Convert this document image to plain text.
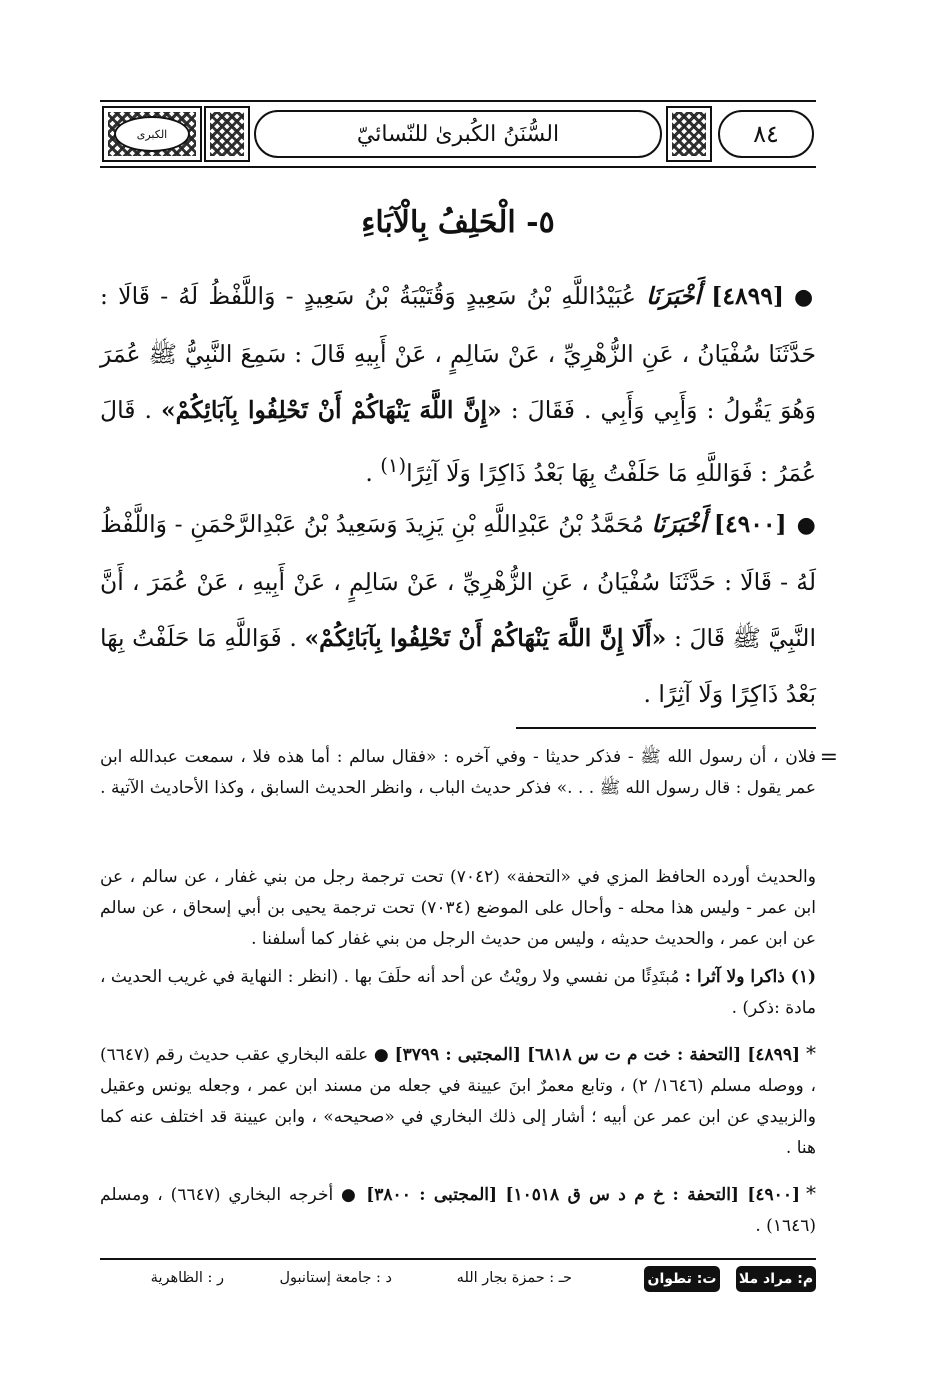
الكبرى	السُّنَنُ الكُبرىٰ للنّسائيّ	٨٤
٥- الْحَلِفُ بِالْآبَاءِ
●[٤٨٩٩] أَخْبَرَنَا عُبَيْدُاللَّهِ بْنُ سَعِيدٍ وَقُتَيْبَةُ بْنُ سَعِيدٍ - وَاللَّفْظُ لَهُ - قَالَا : حَدَّثَنَا سُفْيَانُ ، عَنِ الزُّهْرِيِّ ، عَنْ سَالِمٍ ، عَنْ أَبِيهِ قَالَ : سَمِعَ النَّبِيُّ ﷺ عُمَرَ وَهُوَ يَقُولُ : وَأَبِي وَأَبِي . فَقَالَ : «إِنَّ اللَّهَ يَنْهَاكُمْ أَنْ تَحْلِفُوا بِآبَائِكُمْ» . قَالَ عُمَرُ : فَوَاللَّهِ مَا حَلَفْتُ بِهَا بَعْدُ ذَاكِرًا وَلَا آثِرًا$^{(١)}$ .
●[٤٩٠٠] أَخْبَرَنَا مُحَمَّدُ بْنُ عَبْدِاللَّهِ بْنِ يَزِيدَ وَسَعِيدُ بْنُ عَبْدِالرَّحْمَنِ - وَاللَّفْظُ لَهُ - قَالَا : حَدَّثَنَا سُفْيَانُ ، عَنِ الزُّهْرِيِّ ، عَنْ سَالِمٍ ، عَنْ أَبِيهِ ، عَنْ عُمَرَ ، أَنَّ النَّبِيَّ ﷺ قَالَ : «أَلَا إِنَّ اللَّهَ يَنْهَاكُمْ أَنْ تَحْلِفُوا بِآبَائِكُمْ» . فَوَاللَّهِ مَا حَلَفْتُ بِهَا بَعْدُ ذَاكِرًا وَلَا آثِرًا .
=
فلان ، أن رسول الله ﷺ - فذكر حديثا - وفي آخره : «فقال سالم : أما هذه فلا ، سمعت عبدالله ابن عمر يقول : قال رسول الله ﷺ . . .» فذكر حديث الباب ، وانظر الحديث السابق ، وكذا الأحاديث الآتية .
والحديث أورده الحافظ المزي في «التحفة» (٧٠٤٢) تحت ترجمة رجل من بني غفار ، عن سالم ، عن ابن عمر - وليس هذا محله - وأحال على الموضع (٧٠٣٤) تحت ترجمة يحيى بن أبي إسحاق ، عن سالم عن ابن عمر ، والحديث حديثه ، وليس من حديث الرجل من بني غفار كما أسلفنا .
(١) ذاكرا ولا آثرا : مُبتَدِئًا من نفسي ولا رويْتُ عن أحد أنه حلَفَ بها . (انظر : النهاية في غريب الحديث ، مادة :ذكر) .
*[٤٨٩٩] [التحفة : خت م ت س ٦٨١٨] [المجتبى : ٣٧٩٩] ● علقه البخاري عقب حديث رقم (٦٦٤٧) ، ووصله مسلم (١٦٤٦/ ٢) ، وتابع معمرٌ ابنَ عيينة في جعله من مسند ابن عمر ، وجعله يونس وعقيل والزبيدي عن ابن عمر عن أبيه ؛ أشار إلى ذلك البخاري في «صحيحه» ، وابن عيينة قد اختلف عنه كما هنا .
*[٤٩٠٠] [التحفة : خ م د س ق ١٠٥١٨] [المجتبى : ٣٨٠٠] ● أخرجه البخاري (٦٦٤٧) ، ومسلم (١٦٤٦) .
م: مراد ملا
ت: تطوان
حـ : حمزة بجار الله
د : جامعة إستانبول
ر : الظاهرية
